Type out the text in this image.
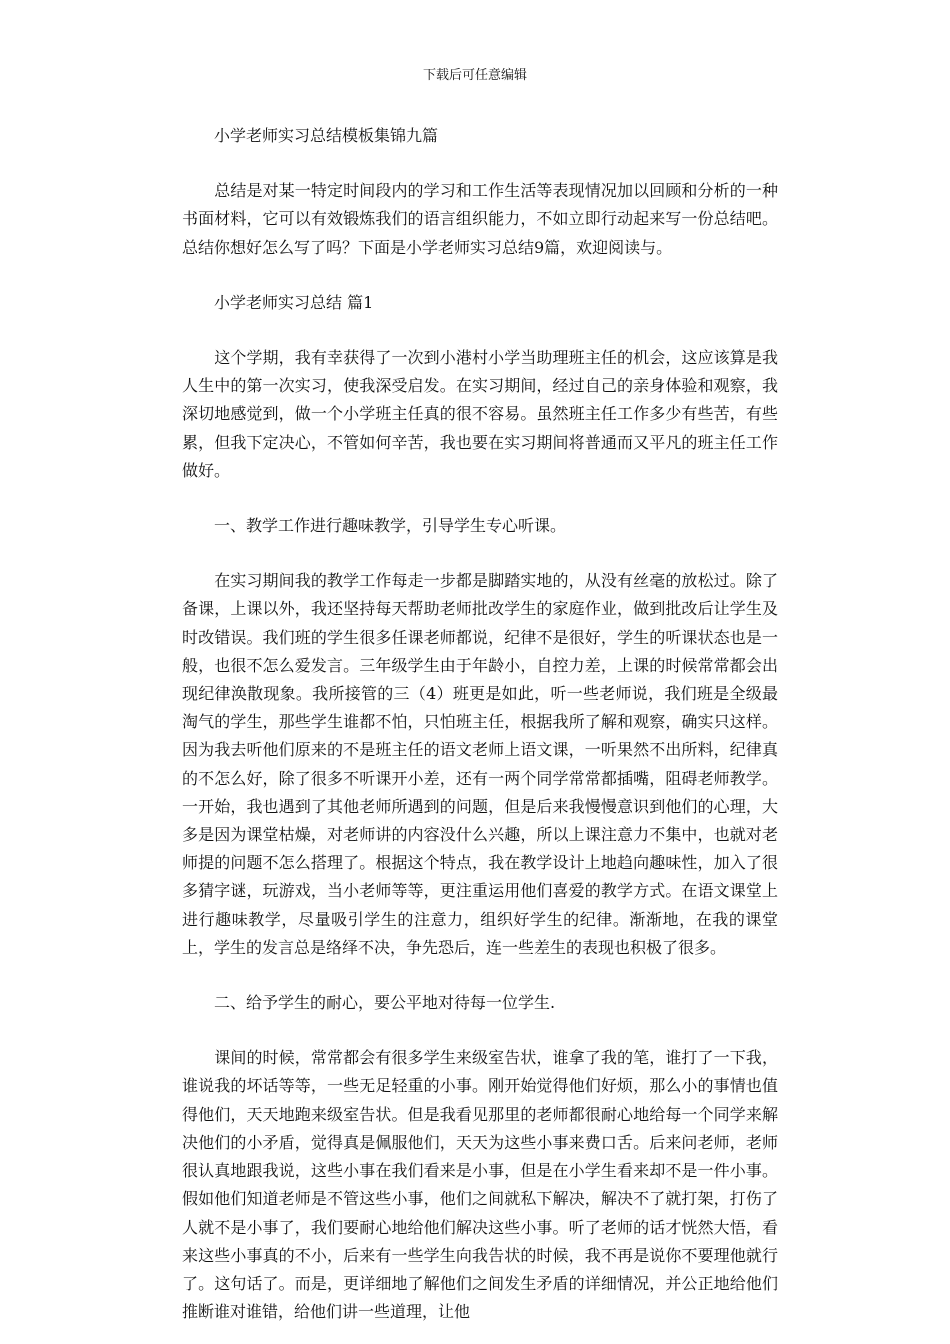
下载后可任意编辑

小学老师实习总结模板集锦九篇

　　总结是对某一特定时间段内的学习和工作生活等表现情况加以回顾和分析的一种书面材料，它可以有效锻炼我们的语言组织能力，不如立即行动起来写一份总结吧。总结你想好怎么写了吗？下面是小学老师实习总结9篇，欢迎阅读与。

小学老师实习总结 篇1

　　这个学期，我有幸获得了一次到小港村小学当助理班主任的机会，这应该算是我人生中的第一次实习，使我深受启发。在实习期间，经过自己的亲身体验和观察，我深切地感觉到，做一个小学班主任真的很不容易。虽然班主任工作多少有些苦，有些累，但我下定决心，不管如何辛苦，我也要在实习期间将普通而又平凡的班主任工作做好。

一、教学工作进行趣味教学，引导学生专心听课。

　　在实习期间我的教学工作每走一步都是脚踏实地的，从没有丝毫的放松过。除了备课，上课以外，我还坚持每天帮助老师批改学生的家庭作业，做到批改后让学生及时改错误。我们班的学生很多任课老师都说，纪律不是很好，学生的听课状态也是一般，也很不怎么爱发言。三年级学生由于年龄小，自控力差，上课的时候常常都会出现纪律涣散现象。我所接管的三（4）班更是如此，听一些老师说，我们班是全级最淘气的学生，那些学生谁都不怕，只怕班主任，根据我所了解和观察，确实只这样。因为我去听他们原来的不是班主任的语文老师上语文课，一听果然不出所料，纪律真的不怎么好，除了很多不听课开小差，还有一两个同学常常都插嘴，阻碍老师教学。一开始，我也遇到了其他老师所遇到的问题，但是后来我慢慢意识到他们的心理，大多是因为课堂枯燥，对老师讲的内容没什么兴趣，所以上课注意力不集中，也就对老师提的问题不怎么搭理了。根据这个特点，我在教学设计上地趋向趣味性，加入了很多猜字谜，玩游戏，当小老师等等，更注重运用他们喜爱的教学方式。在语文课堂上进行趣味教学，尽量吸引学生的注意力，组织好学生的纪律。渐渐地，在我的课堂上，学生的发言总是络绎不决，争先恐后，连一些差生的表现也积极了很多。

二、给予学生的耐心，要公平地对待每一位学生.

　　课间的时候，常常都会有很多学生来级室告状，谁拿了我的笔，谁打了一下我，谁说我的坏话等等，一些无足轻重的小事。刚开始觉得他们好烦，那么小的事情也值得他们，天天地跑来级室告状。但是我看见那里的老师都很耐心地给每一个同学来解决他们的小矛盾，觉得真是佩服他们，天天为这些小事来费口舌。后来问老师，老师很认真地跟我说，这些小事在我们看来是小事，但是在小学生看来却不是一件小事。假如他们知道老师是不管这些小事，他们之间就私下解决，解决不了就打架，打伤了人就不是小事了，我们要耐心地给他们解决这些小事。听了老师的话才恍然大悟，看来这些小事真的不小，后来有一些学生向我告状的时候，我不再是说你不要理他就行了。这句话了。而是，更详细地了解他们之间发生矛盾的详细情况，并公正地给他们推断谁对谁错，给他们讲一些道理，让他
